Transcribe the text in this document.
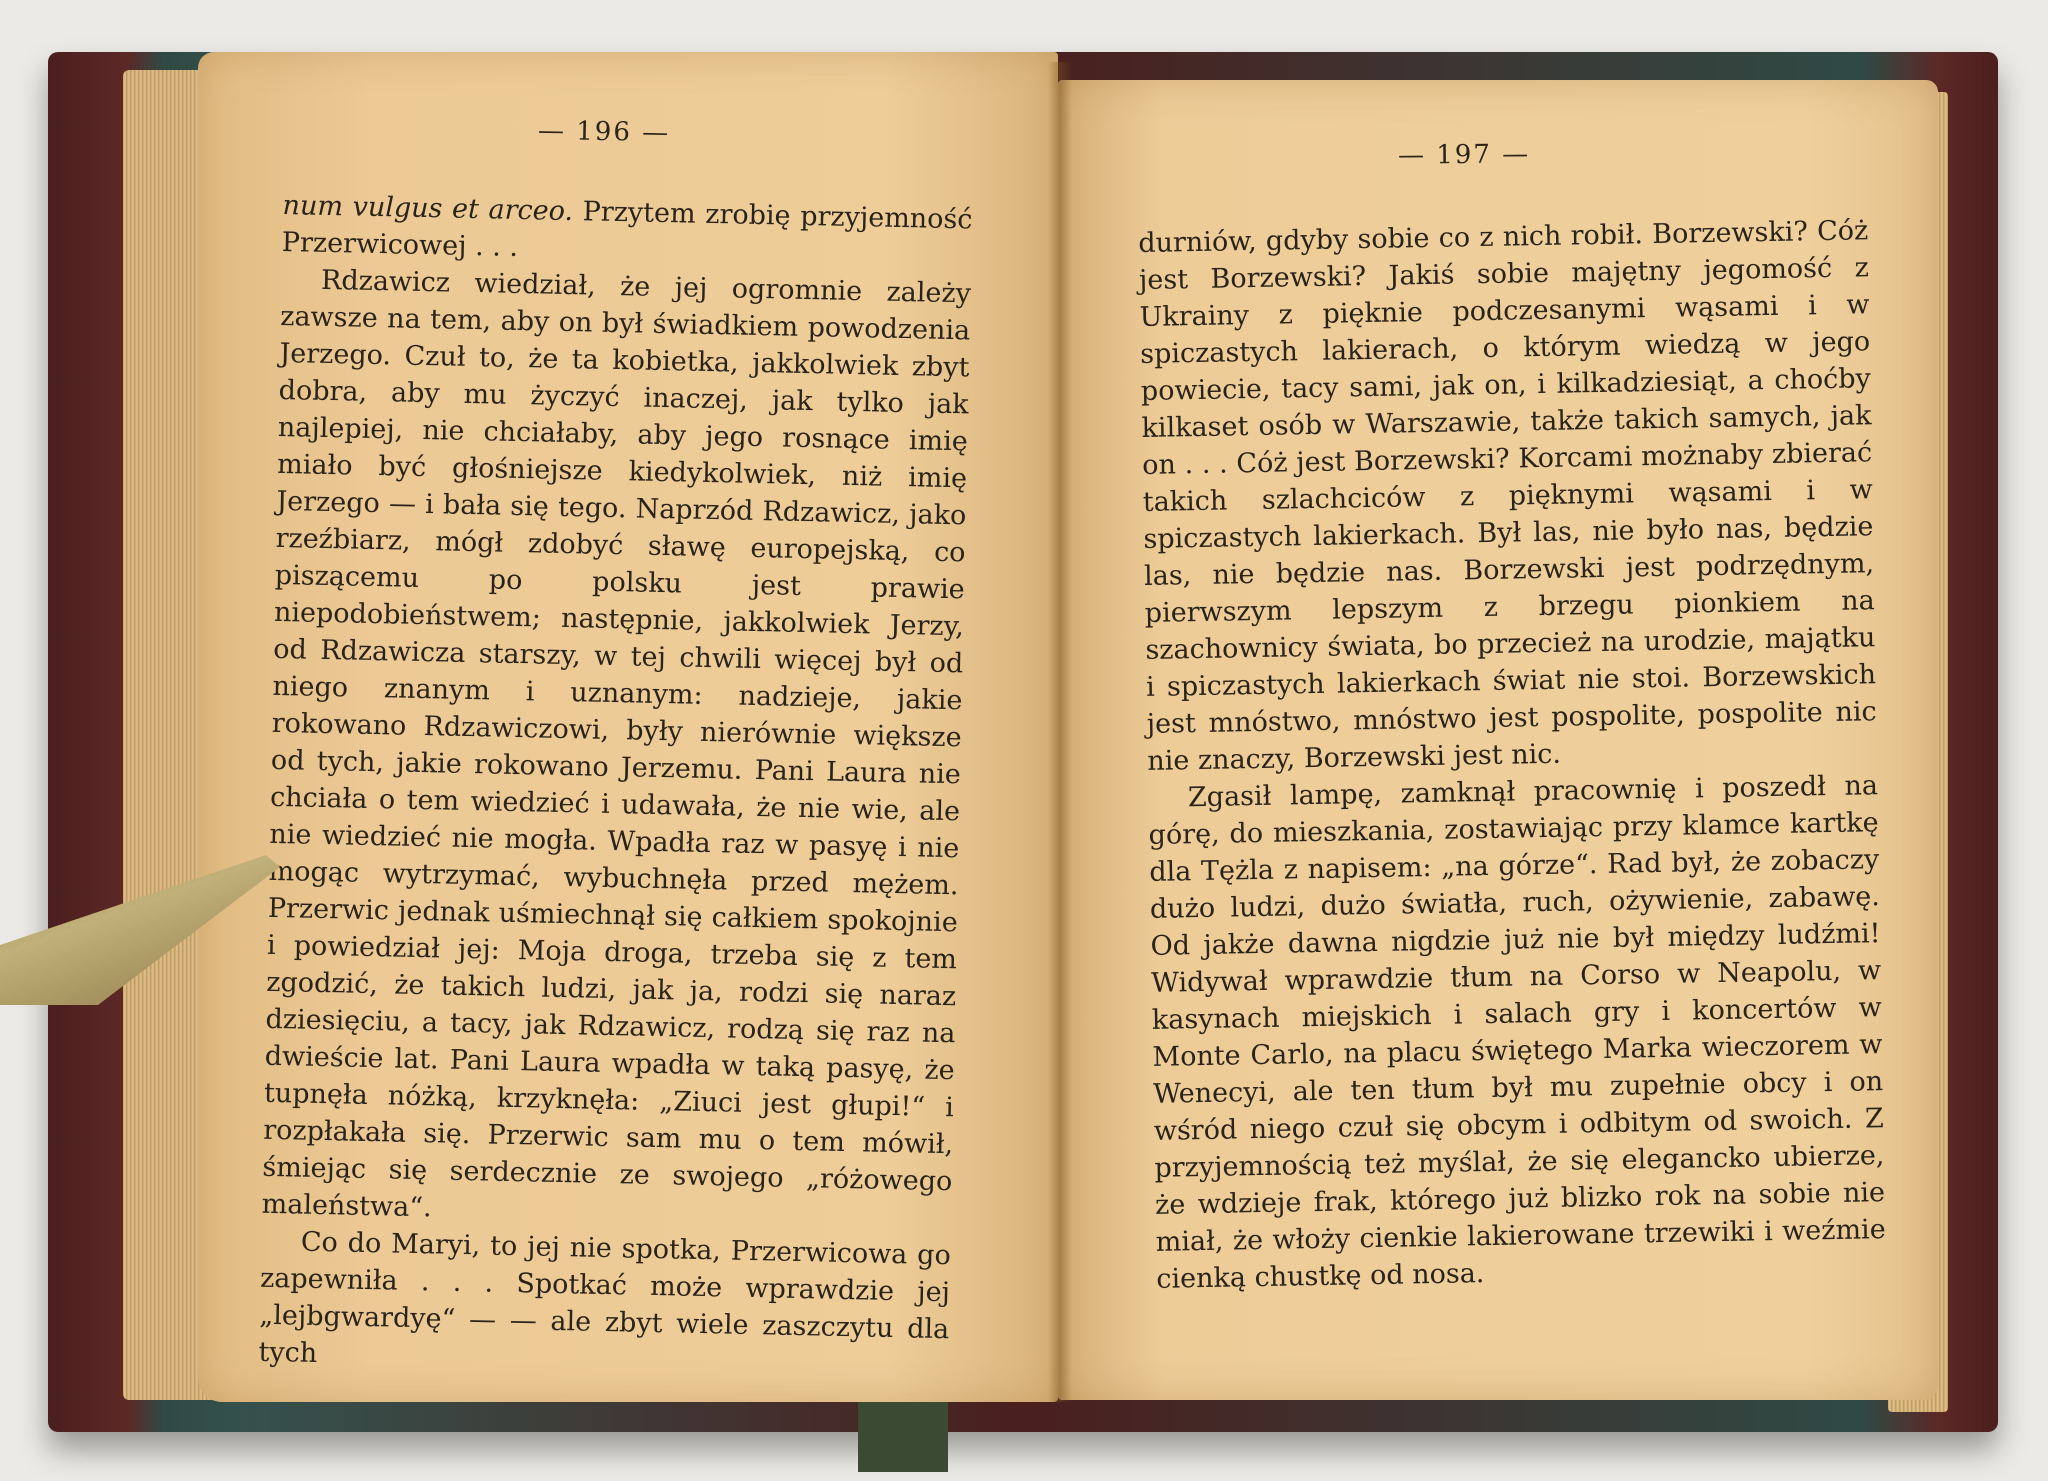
— 196 —

num vulgus et arceo. Przytem zrobię przyjemność Przerwicowej . . .

Rdzawicz wiedział, że jej ogromnie zależy zawsze na tem, aby on był świadkiem powodzenia Jerzego. Czuł to, że ta kobietka, jakkolwiek zbyt dobra, aby mu życzyć inaczej, jak tylko jak najlepiej, nie chciałaby, aby jego rosnące imię miało być głośniejsze kiedykolwiek, niż imię Jerzego — i bała się tego. Naprzód Rdzawicz, jako rzeźbiarz, mógł zdobyć sławę europejską, co piszącemu po polsku jest prawie niepodobieństwem; następnie, jakkolwiek Jerzy, od Rdzawicza starszy, w tej chwili więcej był od niego znanym i uznanym: nadzieje, jakie rokowano Rdzawiczowi, były nierównie większe od tych, jakie rokowano Jerzemu. Pani Laura nie chciała o tem wiedzieć i udawała, że nie wie, ale nie wiedzieć nie mogła. Wpadła raz w pasyę i nie mogąc wytrzymać, wybuchnęła przed mężem. Przerwic jednak uśmiechnął się całkiem spokojnie i powiedział jej: Moja droga, trzeba się z tem zgodzić, że takich ludzi, jak ja, rodzi się naraz dziesięciu, a tacy, jak Rdzawicz, rodzą się raz na dwieście lat. Pani Laura wpadła w taką pasyę, że tupnęła nóżką, krzyknęła: „Ziuci jest głupi!“ i rozpłakała się. Przerwic sam mu o tem mówił, śmiejąc się serdecznie ze swojego „różowego maleństwa“.

Co do Maryi, to jej nie spotka, Przerwicowa go zapewniła . . . Spotkać może wprawdzie jej „lejbgwardyę“ — — ale zbyt wiele zaszczytu dla tych

— 197 —

durniów, gdyby sobie co z nich robił. Borzewski? Cóż jest Borzewski? Jakiś sobie majętny jegomość z Ukrainy z pięknie podczesanymi wąsami i w spiczastych lakierach, o którym wiedzą w jego powiecie, tacy sami, jak on, i kilkadziesiąt, a choćby kilkaset osób w Warszawie, także takich samych, jak on . . . Cóż jest Borzewski? Korcami możnaby zbierać takich szlachciców z pięknymi wąsami i w spiczastych lakierkach. Był las, nie było nas, będzie las, nie będzie nas. Borzewski jest podrzędnym, pierwszym lepszym z brzegu pionkiem na szachownicy świata, bo przecież na urodzie, majątku i spiczastych lakierkach świat nie stoi. Borzewskich jest mnóstwo, mnóstwo jest pospolite, pospolite nic nie znaczy, Borzewski jest nic.

Zgasił lampę, zamknął pracownię i poszedł na górę, do mieszkania, zostawiając przy klamce kartkę dla Tężla z napisem: „na górze“. Rad był, że zobaczy dużo ludzi, dużo światła, ruch, ożywienie, zabawę. Od jakże dawna nigdzie już nie był między ludźmi! Widywał wprawdzie tłum na Corso w Neapolu, w kasynach miejskich i salach gry i koncertów w Monte Carlo, na placu świętego Marka wieczorem w Wenecyi, ale ten tłum był mu zupełnie obcy i on wśród niego czuł się obcym i odbitym od swoich. Z przyjemnością też myślał, że się elegancko ubierze, że wdzieje frak, którego już blizko rok na sobie nie miał, że włoży cienkie lakierowane trzewiki i weźmie cienką chustkę od nosa.
